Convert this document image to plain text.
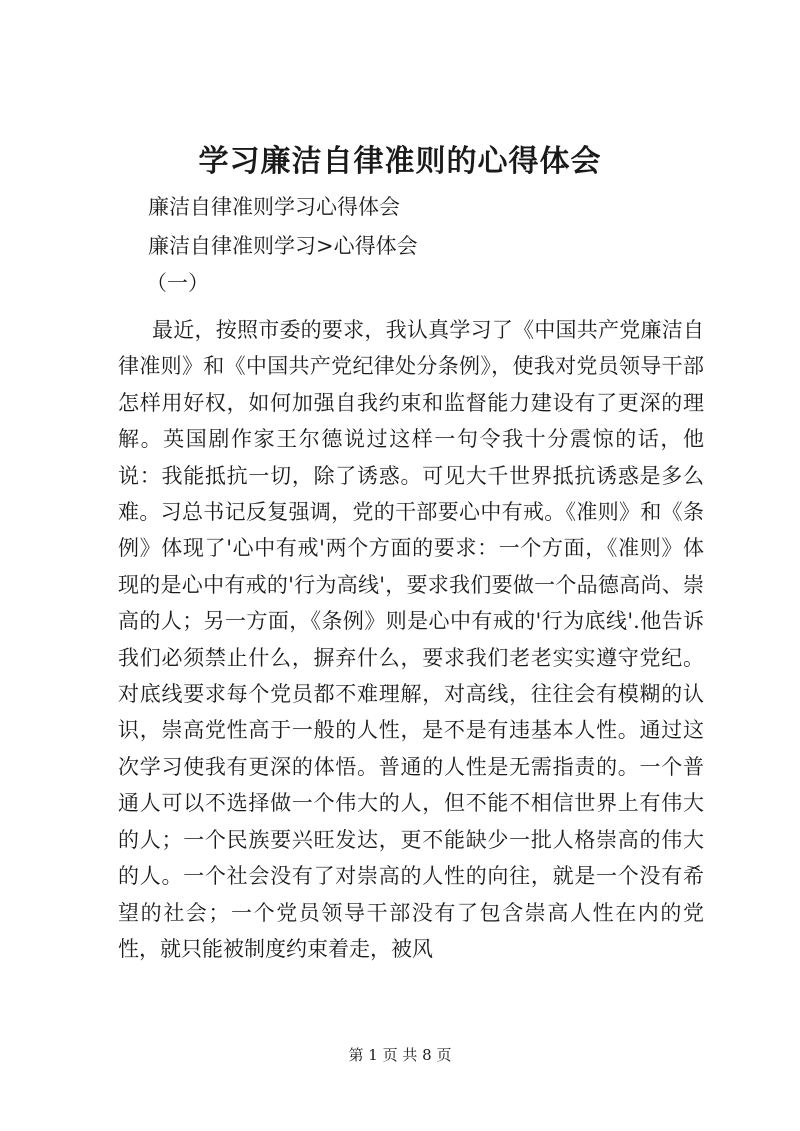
学习廉洁自律准则的心得体会

廉洁自律准则学习心得体会

廉洁自律准则学习>心得体会

（一）

最近，按照市委的要求，我认真学习了《中国共产党廉洁自律准则》和《中国共产党纪律处分条例》，使我对党员领导干部怎样用好权，如何加强自我约束和监督能力建设有了更深的理解。英国剧作家王尔德说过这样一句令我十分震惊的话，他说：我能抵抗一切，除了诱惑。可见大千世界抵抗诱惑是多么难。习总书记反复强调，党的干部要心中有戒。《准则》和《条例》体现了'心中有戒'两个方面的要求：一个方面，《准则》体现的是心中有戒的'行为高线'，要求我们要做一个品德高尚、崇高的人；另一方面，《条例》则是心中有戒的'行为底线'.他告诉我们必须禁止什么，摒弃什么，要求我们老老实实遵守党纪。对底线要求每个党员都不难理解，对高线，往往会有模糊的认识，崇高党性高于一般的人性，是不是有违基本人性。通过这次学习使我有更深的体悟。普通的人性是无需指责的。一个普通人可以不选择做一个伟大的人，但不能不相信世界上有伟大的人；一个民族要兴旺发达，更不能缺少一批人格崇高的伟大的人。一个社会没有了对崇高的人性的向往，就是一个没有希望的社会；一个党员领导干部没有了包含崇高人性在内的党性，就只能被制度约束着走，被风

第 1 页 共 8 页
